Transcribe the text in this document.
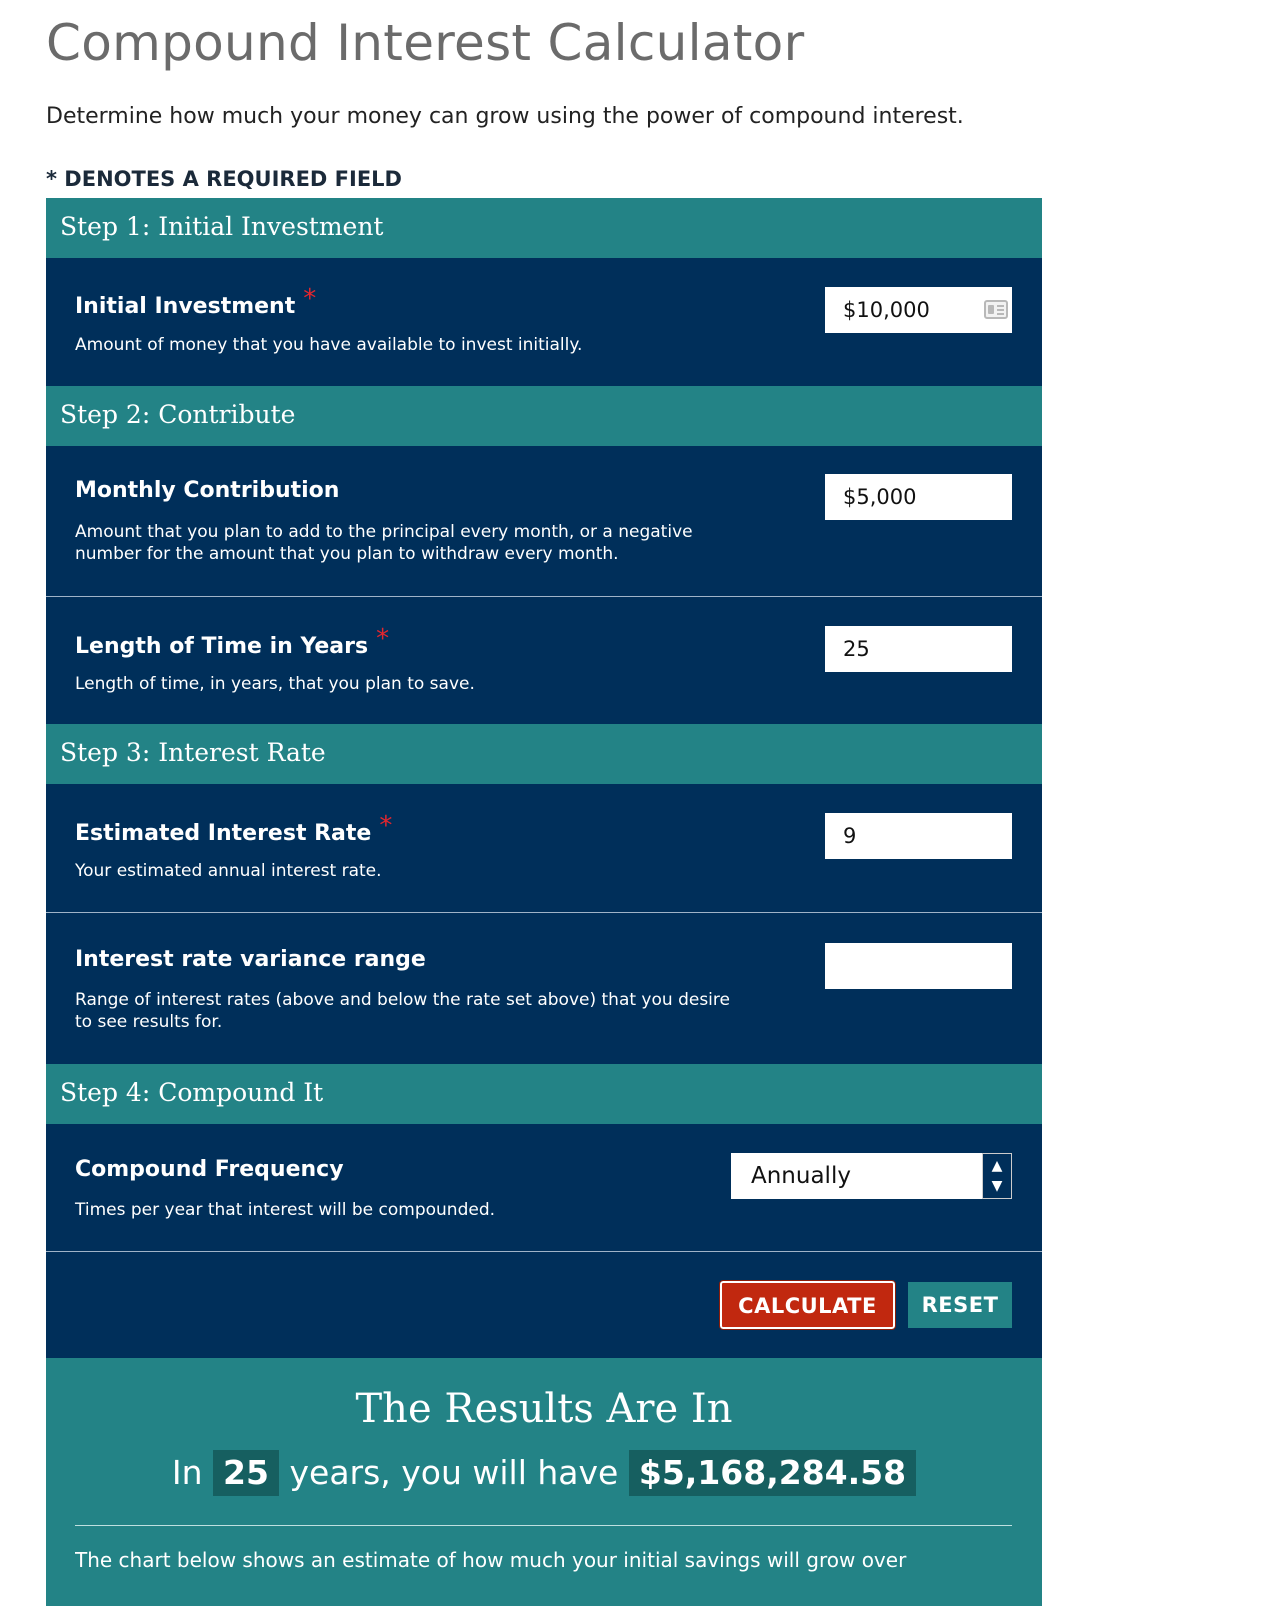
Compound Interest Calculator
Determine how much your money can grow using the power of compound interest.
* DENOTES A REQUIRED FIELD
Step 1: Initial Investment
Initial Investment *
Amount of money that you have available to invest initially.
$10,000
Step 2: Contribute
Monthly Contribution
Amount that you plan to add to the principal every month, or a negative number for the amount that you plan to withdraw every month.
$5,000
Length of Time in Years *
Length of time, in years, that you plan to save.
25
Step 3: Interest Rate
Estimated Interest Rate *
Your estimated annual interest rate.
9
Interest rate variance range
Range of interest rates (above and below the rate set above) that you desire to see results for.
Step 4: Compound It
Compound Frequency
Times per year that interest will be compounded.
Annually	▲
▼
CALCULATE	RESET
The Results Are In
In 25 years, you will have $5,168,284.58
The chart below shows an estimate of how much your initial savings will grow over
